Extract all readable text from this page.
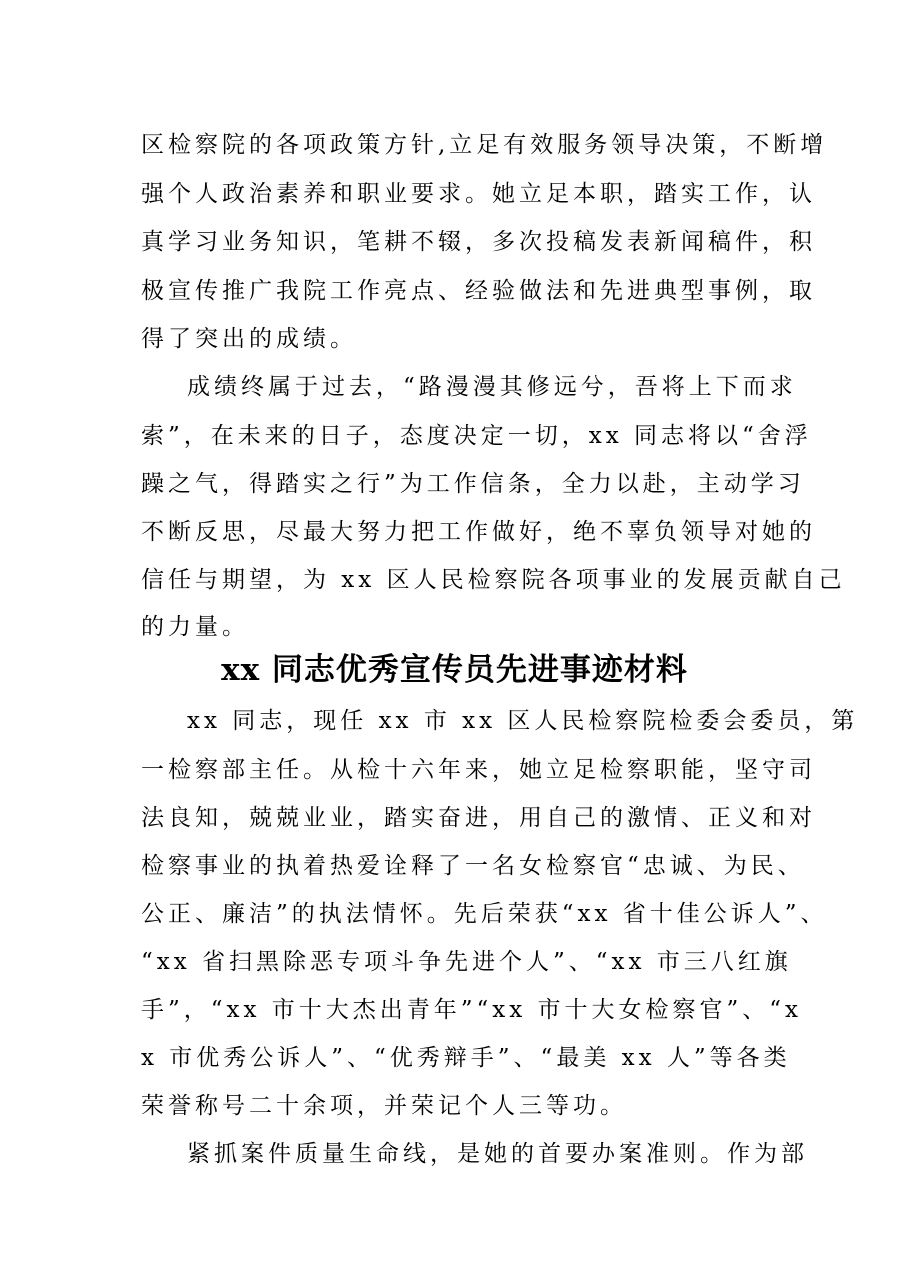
区检察院的各项政策方针,立足有效服务领导决策，不断增
强个人政治素养和职业要求。她立足本职，踏实工作，认
真学习业务知识，笔耕不辍，多次投稿发表新闻稿件，积
极宣传推广我院工作亮点、经验做法和先进典型事例，取
得了突出的成绩。
成绩终属于过去，“路漫漫其修远兮，吾将上下而求
索”，在未来的日子，态度决定一切，xx 同志将以“舍浮
躁之气，得踏实之行”为工作信条，全力以赴，主动学习
不断反思，尽最大努力把工作做好，绝不辜负领导对她的
信任与期望，为 xx 区人民检察院各项事业的发展贡献自己
的力量。
xx 同志优秀宣传员先进事迹材料
xx 同志，现任 xx 市 xx 区人民检察院检委会委员，第
一检察部主任。从检十六年来，她立足检察职能，坚守司
法良知，兢兢业业，踏实奋进，用自己的激情、正义和对
检察事业的执着热爱诠释了一名女检察官“忠诚、为民、
公正、廉洁”的执法情怀。先后荣获“xx 省十佳公诉人”、
“xx 省扫黑除恶专项斗争先进个人”、“xx 市三八红旗
手”，“xx 市十大杰出青年”“xx 市十大女检察官”、“x
x 市优秀公诉人”、“优秀辩手”、“最美 xx 人”等各类
荣誉称号二十余项，并荣记个人三等功。
紧抓案件质量生命线，是她的首要办案准则。作为部
